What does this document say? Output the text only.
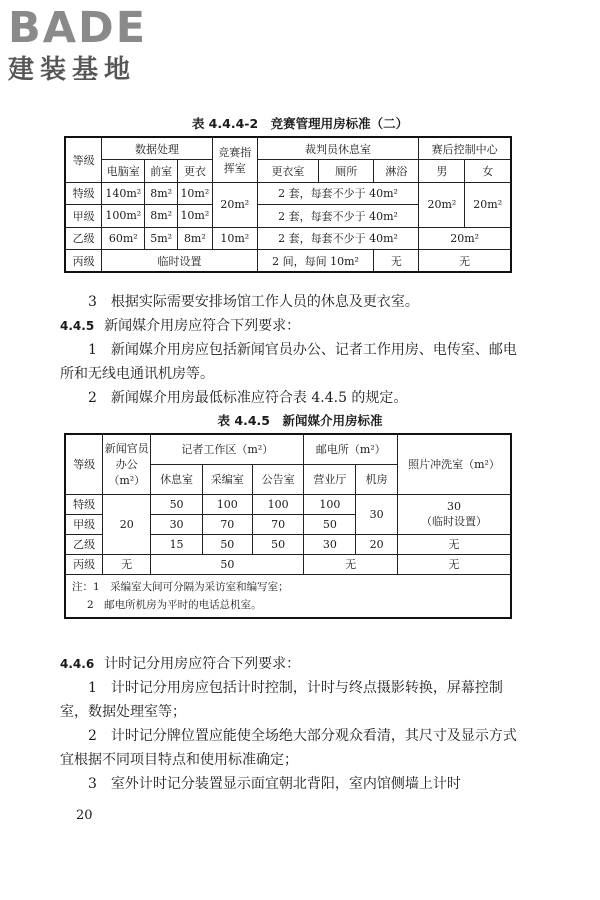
BADE
建装基地
表 4.4.4-2　竞赛管理用房标准（二）
等级	数据处理			竞赛指挥室	裁判员休息室			赛后控制中心	
	电脑室	前室	更衣		更衣室	厕所	淋浴	男	女
特级	140m²	8m²	10m²	20m²	2 套，每套不少于 40m²			20m²	20m²
甲级	100m²	8m²	10m²		2 套，每套不少于 40m²				
乙级	60m²	5m²	8m²	10m²	2 套，每套不少于 40m²			20m²	
丙级	临时设置				2 间，每间 10m²		无	无	
3　根据实际需要安排场馆工作人员的休息及更衣室。
4.4.5 新闻媒介用房应符合下列要求：
1　新闻媒介用房应包括新闻官员办公、记者工作用房、电传室、邮电所和无线电通讯机房等。
2　新闻媒介用房最低标准应符合表 4.4.5 的规定。
表 4.4.5　新闻媒介用房标准
等级	新闻官员办公（m²）	记者工作区（m²）			邮电所（m²）		照片冲洗室（m²）
		休息室	采编室	公告室	营业厅	机房	
特级	20	50	100	100	100	30	30
（临时设置）

甲级		30	70	70	50		
乙级		15	50	50	30	20	无
丙级	无	50			无		无

注：1　采编室大间可分隔为采访室和编写室；
2　邮电所机房为平时的电话总机室。							
4.4.6 计时记分用房应符合下列要求：
1　计时记分用房应包括计时控制，计时与终点摄影转换，屏幕控制室，数据处理室等；
2　计时记分牌位置应能使全场绝大部分观众看清，其尺寸及显示方式宜根据不同项目特点和使用标准确定；
3　室外计时记分装置显示面宜朝北背阳，室内馆侧墙上计时
20
